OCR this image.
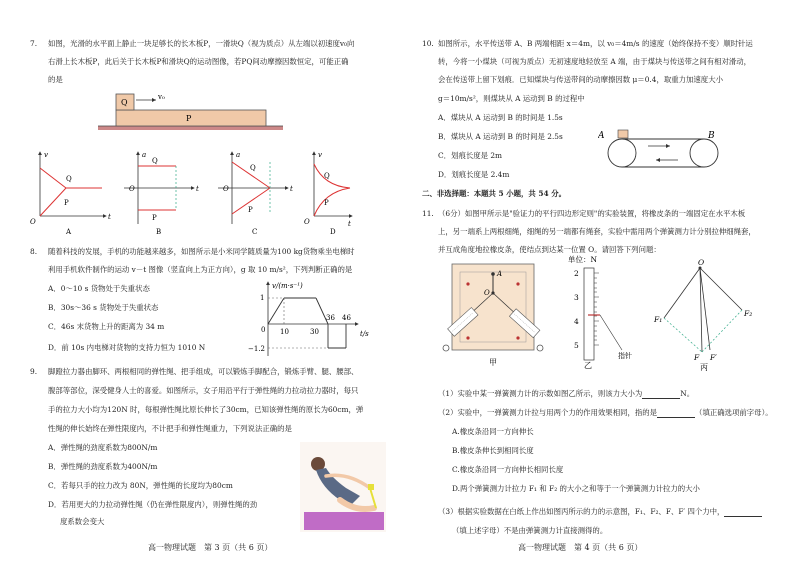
7. 如图，光滑的水平面上静止一块足够长的长木板P，一滑块Q（视为质点）从左端以初速度v₀向
右滑上长木板P，此后关于长木板P和滑块Q的运动图像，若PQ间动摩擦因数恒定，可能正确
的是
Q
P
v₀
v
t
O
Q
P
A
a
t
O
Q
P
B
a
t
O
Q
P
C
v
t
O
Q
P
D
8. 随着科技的发展，手机的功能越来越多，如图所示是小米同学随质量为100 kg货物乘坐电梯时
利用手机软件制作的运动 v－t 图像（竖直向上为正方向），g 取 10 m/s²，下列判断正确的是
A．0～10 s 货物处于失重状态
B．30s～36 s 货物处于失重状态
C．46s 末货物上升的距离为 34 m
D．前 10s 内电梯对货物的支持力恒为 1010 N
v/(m·s⁻¹)
t/s
1
−1.2
0 10	30
36 46
9. 脚蹬拉力器由脚环、两根相同的弹性绳、把手组成，可以锻炼手脚配合，锻炼手臂、腿、腰部、
腹部等部位，深受健身人士的喜爱。如图所示，女子用沿平行于弹性绳的力拉动拉力器时，每只
手的拉力大小均为120N 时，每根弹性绳比原长伸长了30cm，已知该弹性绳的原长为60cm，弹
性绳的伸长始终在弹性限度内，不计把手和弹性绳重力，下列说法正确的是
A．弹性绳的劲度系数为800N/m
B．弹性绳的劲度系数为400N/m
C．若每只手的拉力改为 80N，弹性绳的长度均为80cm
D．若用更大的力拉动弹性绳（仍在弹性限度内），则弹性绳的劲
度系数会变大
高一物理试题　第 3 页（共 6 页）
10. 如图所示，水平传送带 A、B 两端相距 x＝4m，以 v₀＝4m/s 的速度（始终保持不变）顺时针运
转，今将一小煤块（可视为质点）无初速度地轻放至 A 端，由于煤块与传送带之间有相对滑动，
会在传送带上留下划痕．已知煤块与传送带间的动摩擦因数 μ＝0.4，取重力加速度大小
g＝10m/s²，则煤块从 A 运动到 B 的过程中
A．煤块从 A 运动到 B 的时间是 1.5s
B．煤块从 A 运动到 B 的时间是 2.5s
C．划痕长度是 2m
D．划痕长度是 2.4m
A	B
二、非选择题：本题共 5 小题，共 54 分。
11. （6分）如图甲所示是"验证力的平行四边形定则"的实验装置，将橡皮条的一端固定在水平木板
上，另一端系上两根细绳，细绳的另一端都有绳套，实验中需用两个弹簧测力计分别拉伸细绳套，
并互成角度地拉橡皮条，使结点到达某一位置 O。请回答下列问题：
A
O
甲
单位：N
2
3
4
5
指针
乙
O
F₁
F₂
F F′
丙
（1）实验中某一弹簧测力计的示数如图乙所示，则该力大小为	N。
（2）实验中，一弹簧测力计拉与用两个力的作用效果相同，指的是	（填正确选项前字母）。
A.橡皮条沿同一方向伸长
B.橡皮条伸长到相同长度
C.橡皮条沿同一方向伸长相同长度
D.两个弹簧测力计拉力 F₁ 和 F₂ 的大小之和等于一个弹簧测力计拉力的大小
（3）根据实验数据在白纸上作出如图丙所示的力的示意图，F₁、F₂、F、F′ 四个力中，
（填上述字母）不是由弹簧测力计直接测得的。
高一物理试题　第 4 页（共 6 页）
